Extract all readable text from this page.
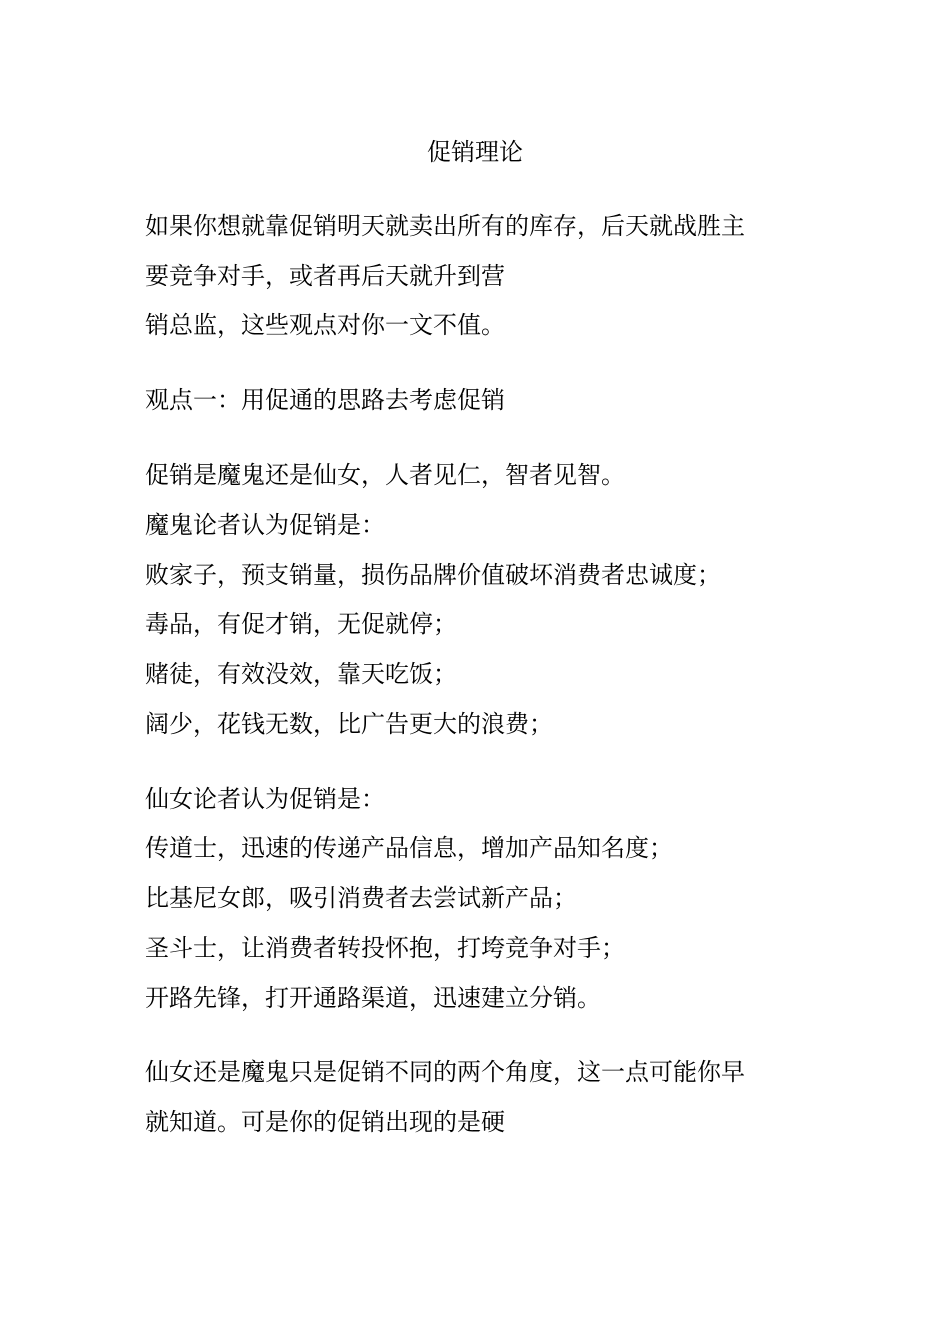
促销理论
如果你想就靠促销明天就卖出所有的库存，后天就战胜主
要竞争对手，或者再后天就升到营
销总监，这些观点对你一文不值。
观点一：用促通的思路去考虑促销
促销是魔鬼还是仙女，人者见仁，智者见智。
魔鬼论者认为促销是：
败家子，预支销量，损伤品牌价值破坏消费者忠诚度；
毒品，有促才销，无促就停；
赌徒，有效没效，靠天吃饭；
阔少，花钱无数，比广告更大的浪费；
仙女论者认为促销是：
传道士，迅速的传递产品信息，增加产品知名度；
比基尼女郎，吸引消费者去尝试新产品；
圣斗士，让消费者转投怀抱，打垮竞争对手；
开路先锋，打开通路渠道，迅速建立分销。
仙女还是魔鬼只是促销不同的两个角度，这一点可能你早
就知道。可是你的促销出现的是硬
